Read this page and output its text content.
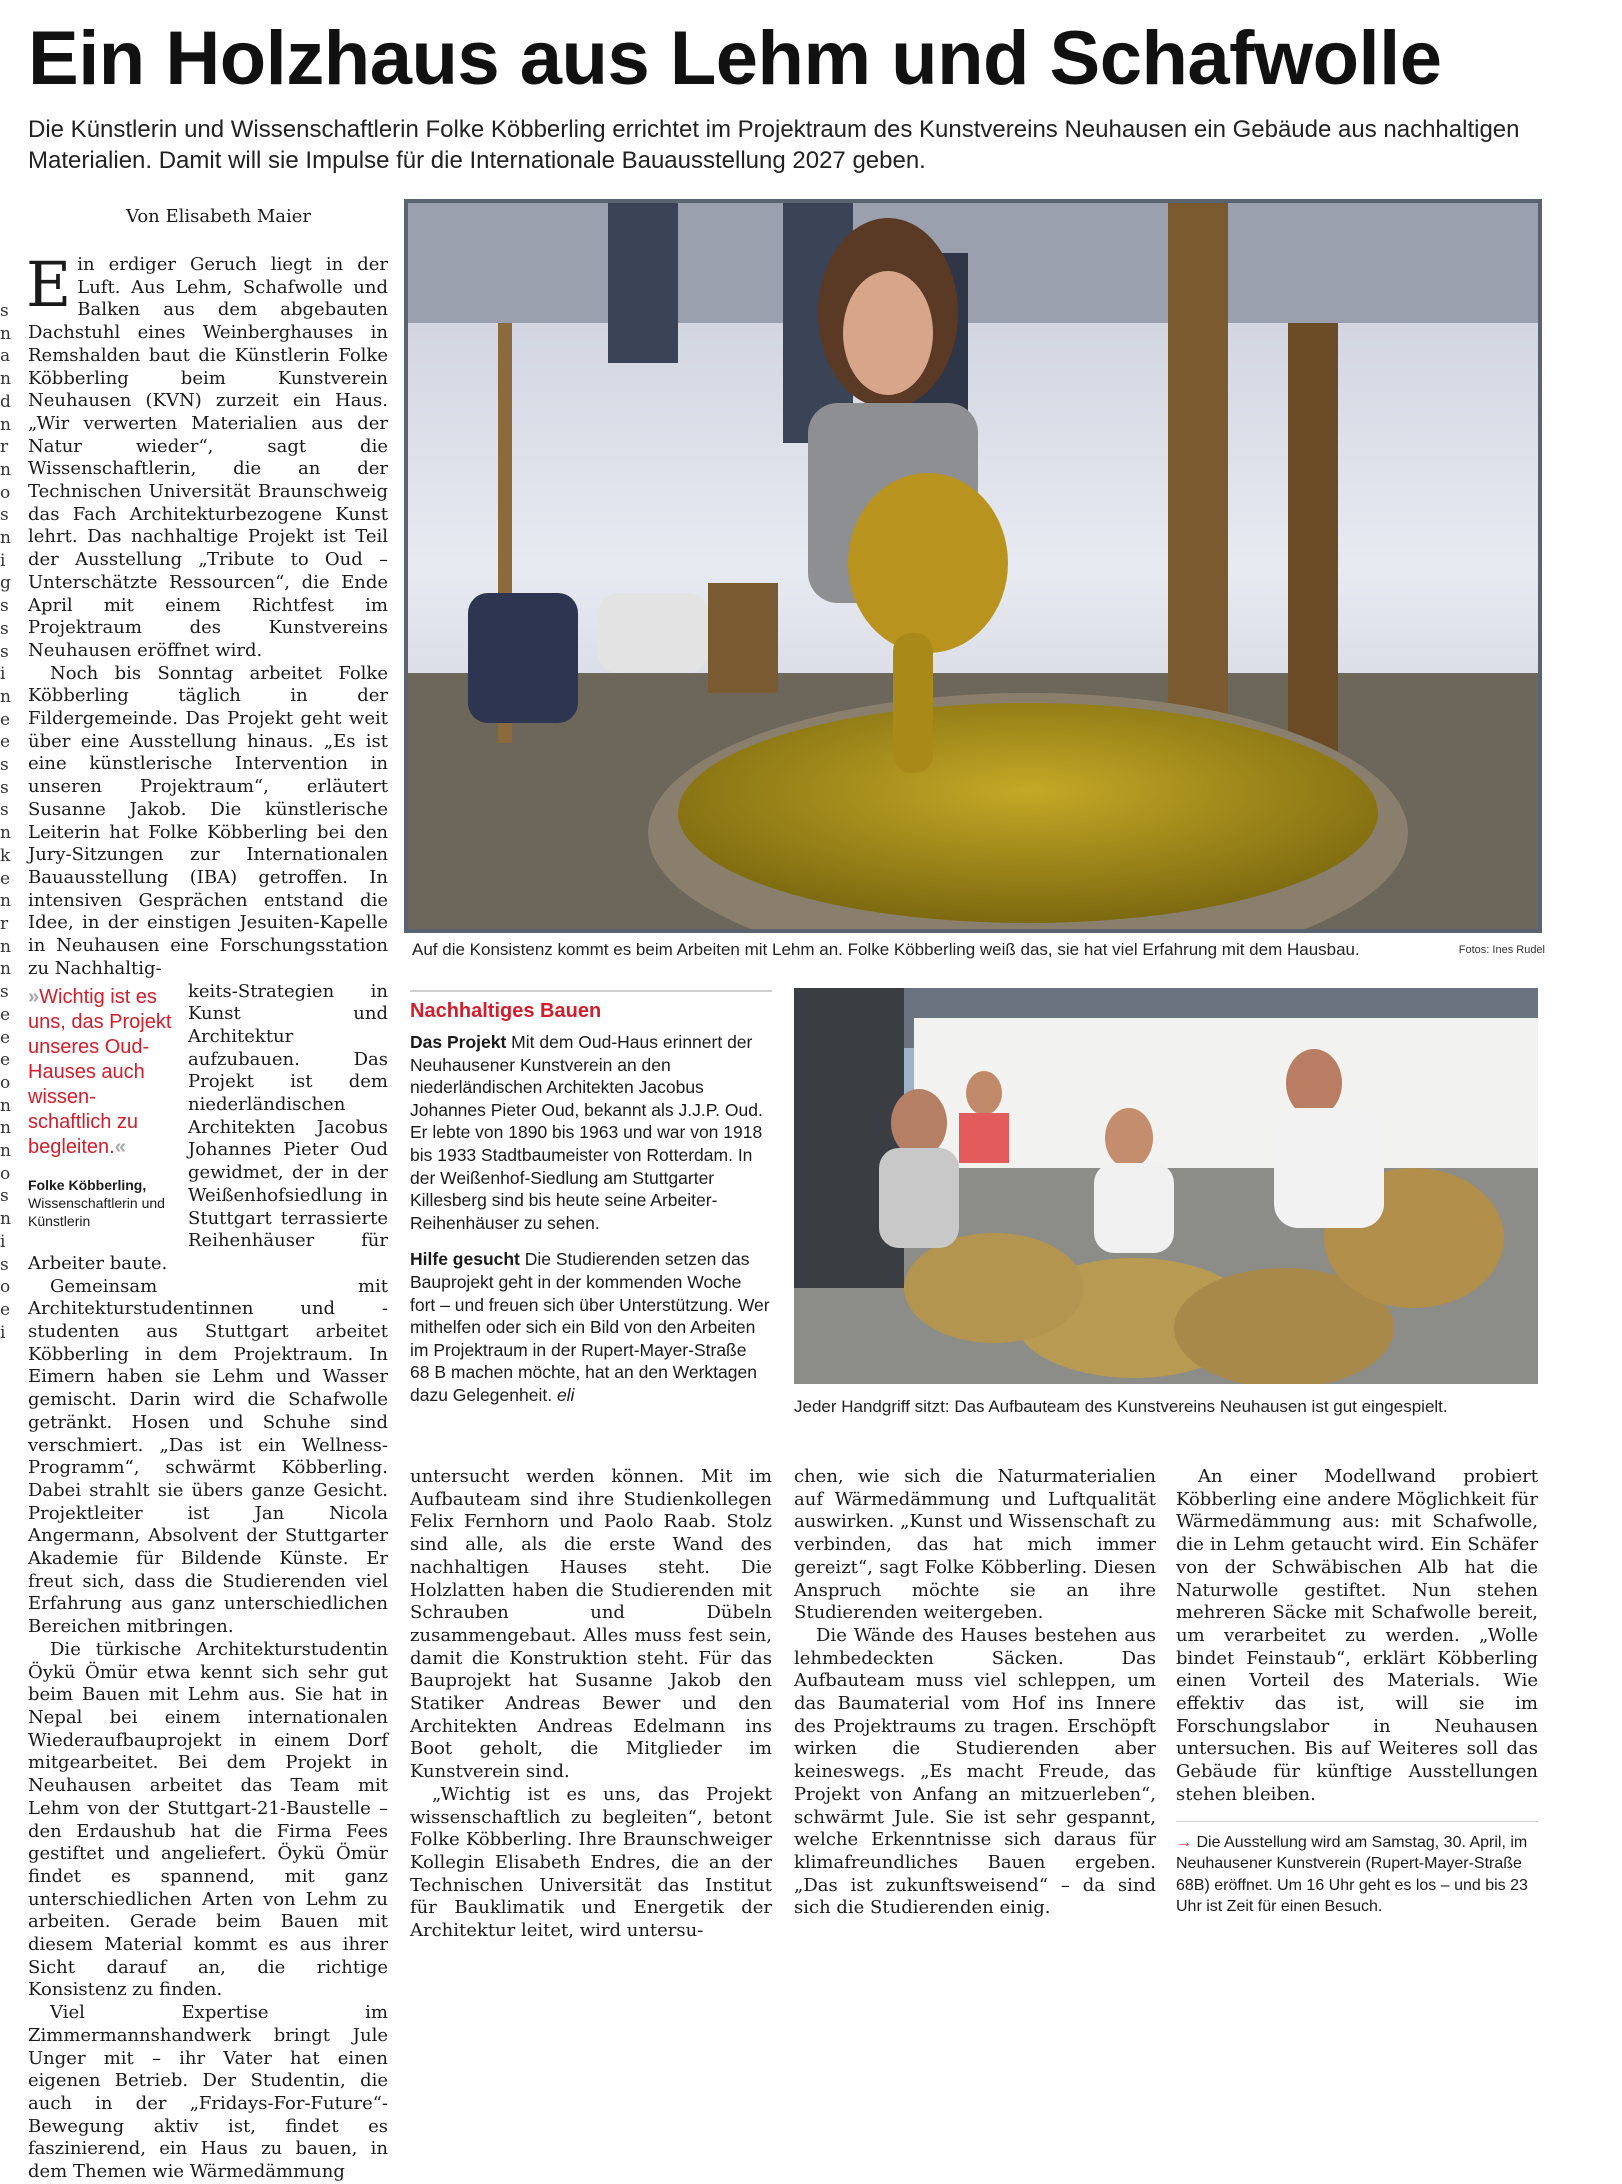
Ein Holzhaus aus Lehm und Schafwolle

Die Künstlerin und Wissenschaftlerin Folke Köbberling errichtet im Projektraum des Kunstvereins Neuhausen ein Gebäude aus nachhaltigen Materialien. Damit will sie Impulse für die Internationale Bauausstellung 2027 geben.

Von Elisabeth Maier
s
n
a
n
d
n
r
n
o
s
n
i
g
s
s
s
i
n
e
e
s
s
s
n
k
e
n
r
n
n
s
e
e
e
o
n
n
n
o
s
n
i
s
o
e
i

Ein erdiger Geruch liegt in der Luft. Aus Lehm, Schafwolle und Balken aus dem abgebauten Dachstuhl eines Weinberghauses in Remshalden baut die Künstlerin Folke Köbberling beim Kunstverein Neuhausen (KVN) zurzeit ein Haus. „Wir verwerten Materialien aus der Natur wieder“, sagt die Wissenschaftlerin, die an der Technischen Universität Braunschweig das Fach Architekturbezogene Kunst lehrt. Das nachhaltige Projekt ist Teil der Ausstellung „Tribute to Oud – Unterschätzte Ressourcen“, die Ende April mit einem Richtfest im Projektraum des Kunstvereins Neuhausen eröffnet wird.

Noch bis Sonntag arbeitet Folke Köbberling täglich in der Fildergemeinde. Das Projekt geht weit über eine Ausstellung hinaus. „Es ist eine künstlerische Intervention in unseren Projektraum“, erläutert Susanne Jakob. Die künstlerische Leiterin hat Folke Köbberling bei den Jury-Sitzungen zur Internationalen Bauausstellung (IBA) getroffen. In intensiven Gesprächen entstand die Idee, in der einstigen Jesuiten-Kapelle in Neuhausen eine Forschungsstation zu Nachhaltig-

»Wichtig ist es uns, das Projekt unseres Oud-Hauses auch wissen-schaftlich zu begleiten.«
Folke Köbberling,
Wissenschaftlerin und Künstlerin

keits-Strategien in Kunst und Architektur aufzubauen. Das Projekt ist dem niederländischen Architekten Jacobus Johannes Pieter Oud gewidmet, der in der Weißenhofsiedlung in Stuttgart terrassierte Reihenhäuser für Arbeiter baute.

Gemeinsam mit Architekturstudentinnen und -studenten aus Stuttgart arbeitet Köbberling in dem Projektraum. In Eimern haben sie Lehm und Wasser gemischt. Darin wird die Schafwolle getränkt. Hosen und Schuhe sind verschmiert. „Das ist ein Wellness-Programm“, schwärmt Köbberling. Dabei strahlt sie übers ganze Gesicht. Projektleiter ist Jan Nicola Angermann, Absolvent der Stuttgarter Akademie für Bildende Künste. Er freut sich, dass die Studierenden viel Erfahrung aus ganz unterschiedlichen Bereichen mitbringen.

Die türkische Architekturstudentin Öykü Ömür etwa kennt sich sehr gut beim Bauen mit Lehm aus. Sie hat in Nepal bei einem internationalen Wiederaufbauprojekt in einem Dorf mitgearbeitet. Bei dem Projekt in Neuhausen arbeitet das Team mit Lehm von der Stuttgart-21-Baustelle – den Erdaushub hat die Firma Fees gestiftet und angeliefert. Öykü Ömür findet es spannend, mit ganz unterschiedlichen Arten von Lehm zu arbeiten. Gerade beim Bauen mit diesem Material kommt es aus ihrer Sicht darauf an, die richtige Konsistenz zu finden.

Viel Expertise im Zimmermannshandwerk bringt Jule Unger mit – ihr Vater hat einen eigenen Betrieb. Der Studentin, die auch in der „Fridays-For-Future“-Bewegung aktiv ist, findet es faszinierend, ein Haus zu bauen, in dem Themen wie Wärmedämmung

Auf die Konsistenz kommt es beim Arbeiten mit Lehm an. Folke Köbberling weiß das, sie hat viel Erfahrung mit dem Hausbau.	Fotos: Ines Rudel
Nachhaltiges Bauen

Das Projekt Mit dem Oud-Haus erinnert der Neuhausener Kunstverein an den niederländischen Architekten Jacobus Johannes Pieter Oud, bekannt als J.J.P. Oud. Er lebte von 1890 bis 1963 und war von 1918 bis 1933 Stadtbaumeister von Rotterdam. In der Weißenhof-Siedlung am Stuttgarter Killesberg sind bis heute seine Arbeiter-Reihenhäuser zu sehen.

Hilfe gesucht Die Studierenden setzen das Bauprojekt geht in der kommenden Woche fort – und freuen sich über Unterstützung. Wer mithelfen oder sich ein Bild von den Arbeiten im Projektraum in der Rupert-Mayer-Straße 68 B machen möchte, hat an den Werktagen dazu Gelegenheit. eli

Jeder Handgriff sitzt: Das Aufbauteam des Kunstvereins Neuhausen ist gut eingespielt.

untersucht werden können. Mit im Aufbauteam sind ihre Studienkollegen Felix Fernhorn und Paolo Raab. Stolz sind alle, als die erste Wand des nachhaltigen Hauses steht. Die Holzlatten haben die Studierenden mit Schrauben und Dübeln zusammengebaut. Alles muss fest sein, damit die Konstruktion steht. Für das Bauprojekt hat Susanne Jakob den Statiker Andreas Bewer und den Architekten Andreas Edelmann ins Boot geholt, die Mitglieder im Kunstverein sind.

„Wichtig ist es uns, das Projekt wissenschaftlich zu begleiten“, betont Folke Köbberling. Ihre Braunschweiger Kollegin Elisabeth Endres, die an der Technischen Universität das Institut für Bauklimatik und Energetik der Architektur leitet, wird untersu-

chen, wie sich die Naturmaterialien auf Wärmedämmung und Luftqualität auswirken. „Kunst und Wissenschaft zu verbinden, das hat mich immer gereizt“, sagt Folke Köbberling. Diesen Anspruch möchte sie an ihre Studierenden weitergeben.

Die Wände des Hauses bestehen aus lehmbedeckten Säcken. Das Aufbauteam muss viel schleppen, um das Baumaterial vom Hof ins Innere des Projektraums zu tragen. Erschöpft wirken die Studierenden aber keineswegs. „Es macht Freude, das Projekt von Anfang an mitzuerleben“, schwärmt Jule. Sie ist sehr gespannt, welche Erkenntnisse sich daraus für klimafreundliches Bauen ergeben. „Das ist zukunftsweisend“ – da sind sich die Studierenden einig.

An einer Modellwand probiert Köbberling eine andere Möglichkeit für Wärmedämmung aus: mit Schafwolle, die in Lehm getaucht wird. Ein Schäfer von der Schwäbischen Alb hat die Naturwolle gestiftet. Nun stehen mehreren Säcke mit Schafwolle bereit, um verarbeitet zu werden. „Wolle bindet Feinstaub“, erklärt Köbberling einen Vorteil des Materials. Wie effektiv das ist, will sie im Forschungslabor in Neuhausen untersuchen. Bis auf Weiteres soll das Gebäude für künftige Ausstellungen stehen bleiben.

→ Die Ausstellung wird am Samstag, 30. April, im Neuhausener Kunstverein (Rupert-Mayer-Straße 68B) eröffnet. Um 16 Uhr geht es los – und bis 23 Uhr ist Zeit für einen Besuch.
